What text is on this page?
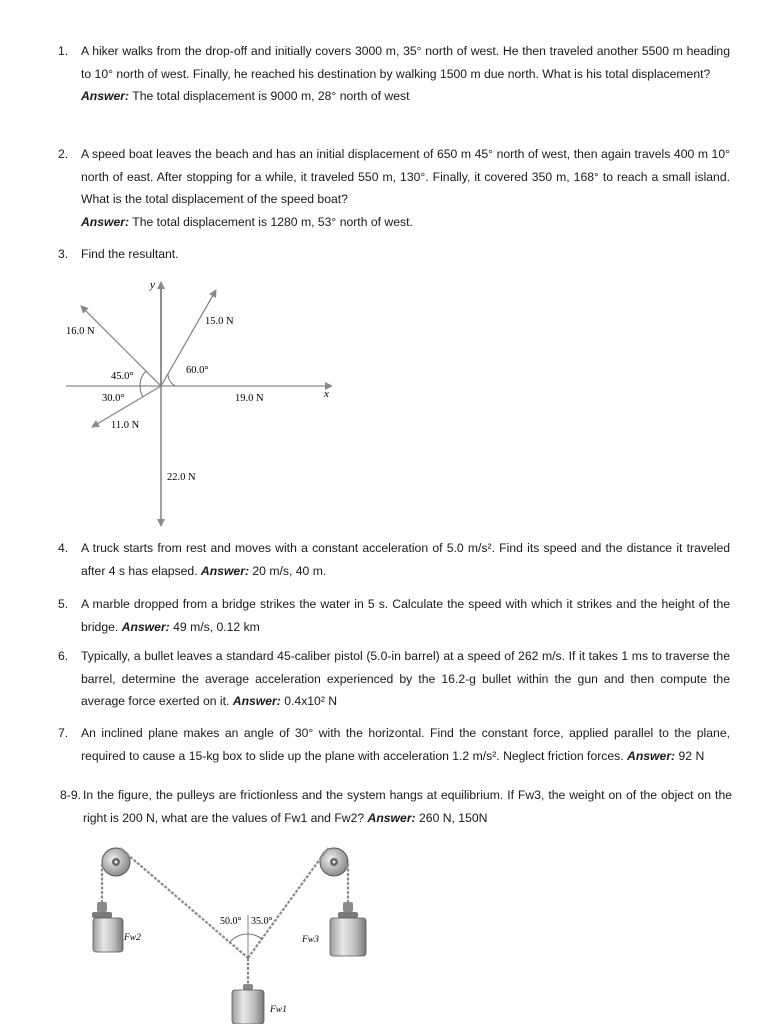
1. A hiker walks from the drop-off and initially covers 3000 m, 35° north of west. He then traveled another 5500 m heading to 10° north of west. Finally, he reached his destination by walking 1500 m due north. What is his total displacement?
Answer: The total displacement is 9000 m, 28° north of west
2. A speed boat leaves the beach and has an initial displacement of 650 m 45° north of west, then again travels 400 m 10° north of east. After stopping for a while, it traveled 550 m, 130°. Finally, it covered 350 m, 168° to reach a small island. What is the total displacement of the speed boat?
Answer: The total displacement is 1280 m, 53° north of west.
3. Find the resultant.
y
x
15.0 N
60.0°
16.0 N
45.0°
11.0 N
30.0°	19.0 N
22.0 N
4. A truck starts from rest and moves with a constant acceleration of 5.0 m/s². Find its speed and the distance it traveled after 4 s has elapsed. Answer: 20 m/s, 40 m.
5. A marble dropped from a bridge strikes the water in 5 s. Calculate the speed with which it strikes and the height of the bridge. Answer: 49 m/s, 0.12 km
6. Typically, a bullet leaves a standard 45-caliber pistol (5.0-in barrel) at a speed of 262 m/s. If it takes 1 ms to traverse the barrel, determine the average acceleration experienced by the 16.2-g bullet within the gun and then compute the average force exerted on it. Answer: 0.4x10² N
7. An inclined plane makes an angle of 30° with the horizontal. Find the constant force, applied parallel to the plane, required to cause a 15-kg box to slide up the plane with acceleration 1.2 m/s². Neglect friction forces. Answer: 92 N
8-9. In the figure, the pulleys are frictionless and the system hangs at equilibrium. If Fw3, the weight on of the object on the right is 200 N, what are the values of Fw1 and Fw2? Answer: 260 N, 150N
50.0° 35.0°
Fw2	Fw3
Fw1
